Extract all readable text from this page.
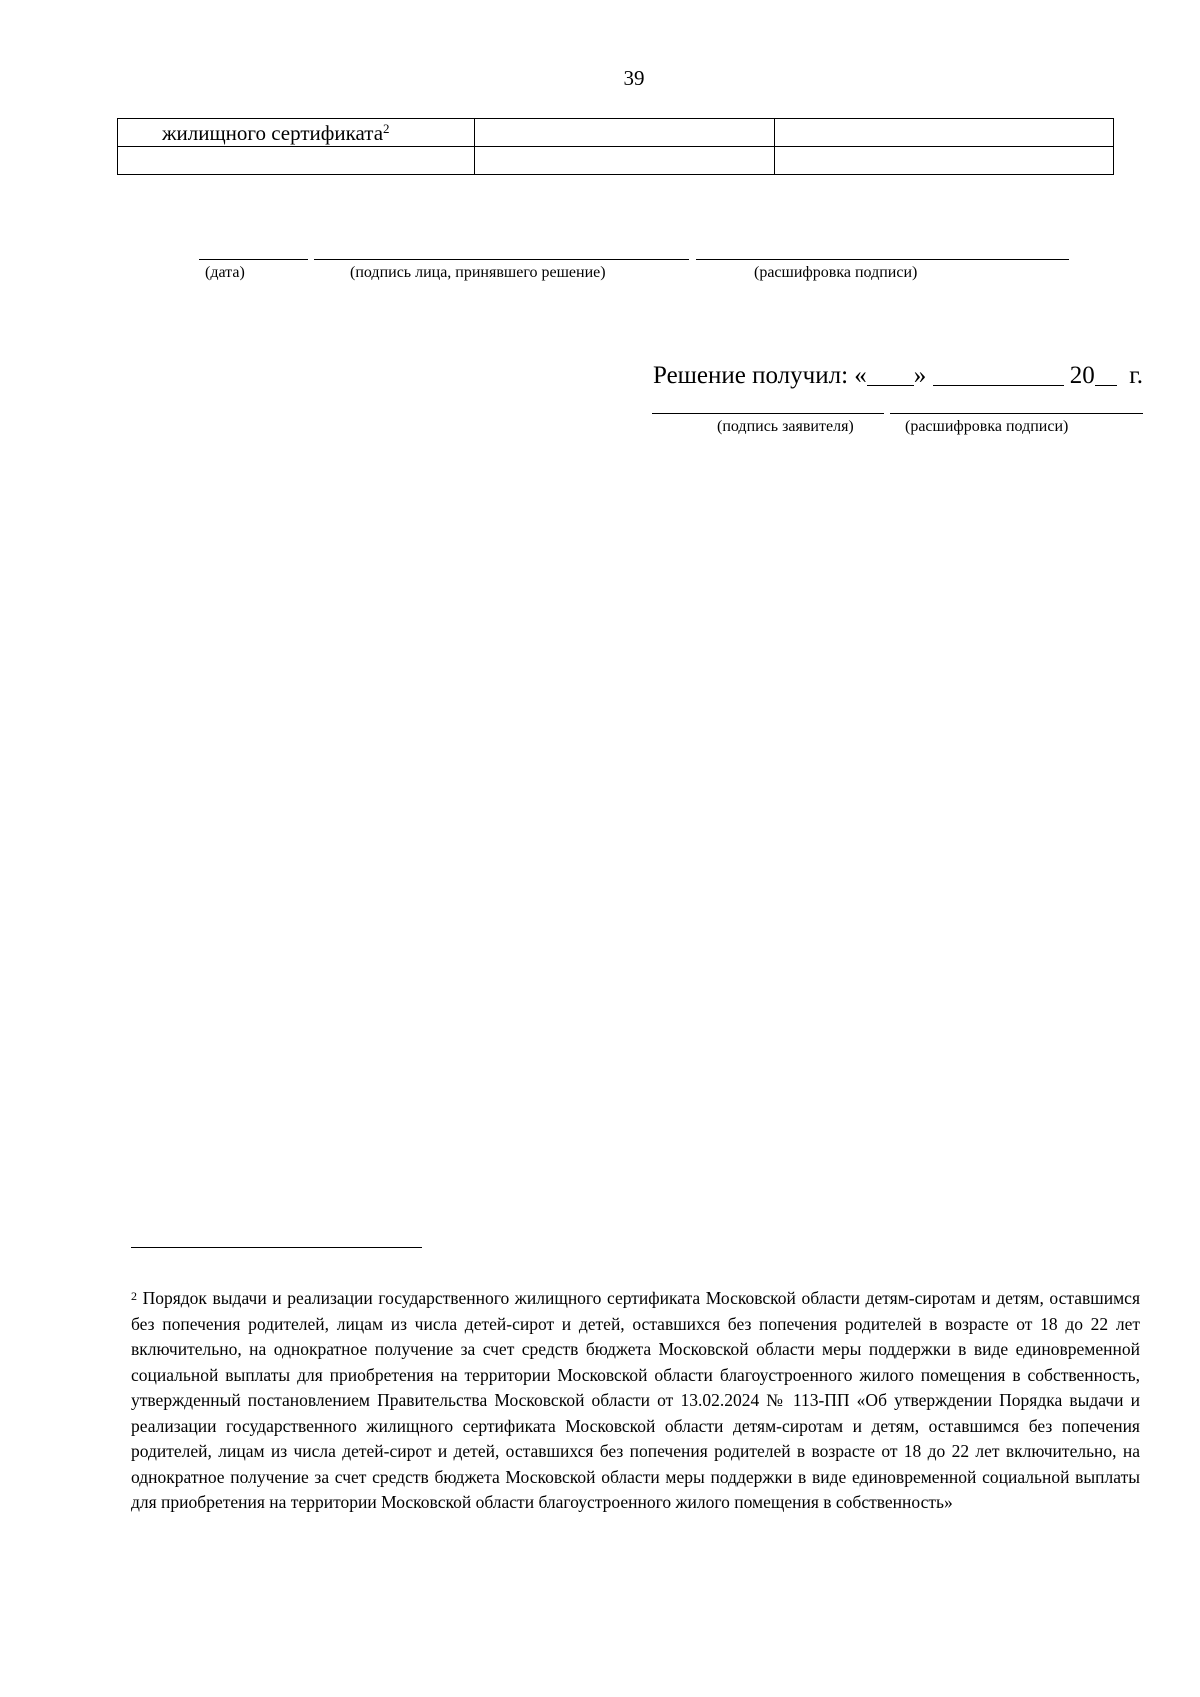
39
жилищного сертификата$^2$		

(дата)	(подпись лица, принявшего решение)	(расшифровка подписи)
Решение получил: « »	20 г.
(подпись заявителя)	(расшифровка подписи)
$^2$ Порядок выдачи и реализации государственного жилищного сертификата Московской области детям-сиротам и детям, оставшимся без попечения родителей, лицам из числа детей-сирот и детей, оставшихся без попечения родителей в возрасте от 18 до 22 лет включительно, на однократное получение за счет средств бюджета Московской области меры поддержки в виде единовременной социальной выплаты для приобретения на территории Московской области благоустроенного жилого помещения в собственность, утвержденный постановлением Правительства Московской области от 13.02.2024 № 113-ПП «Об утверждении Порядка выдачи и реализации государственного жилищного сертификата Московской области детям-сиротам и детям, оставшимся без попечения родителей, лицам из числа детей-сирот и детей, оставшихся без попечения родителей в возрасте от 18 до 22 лет включительно, на однократное получение за счет средств бюджета Московской области меры поддержки в виде единовременной социальной выплаты для приобретения на территории Московской области благоустроенного жилого помещения в собственность»
